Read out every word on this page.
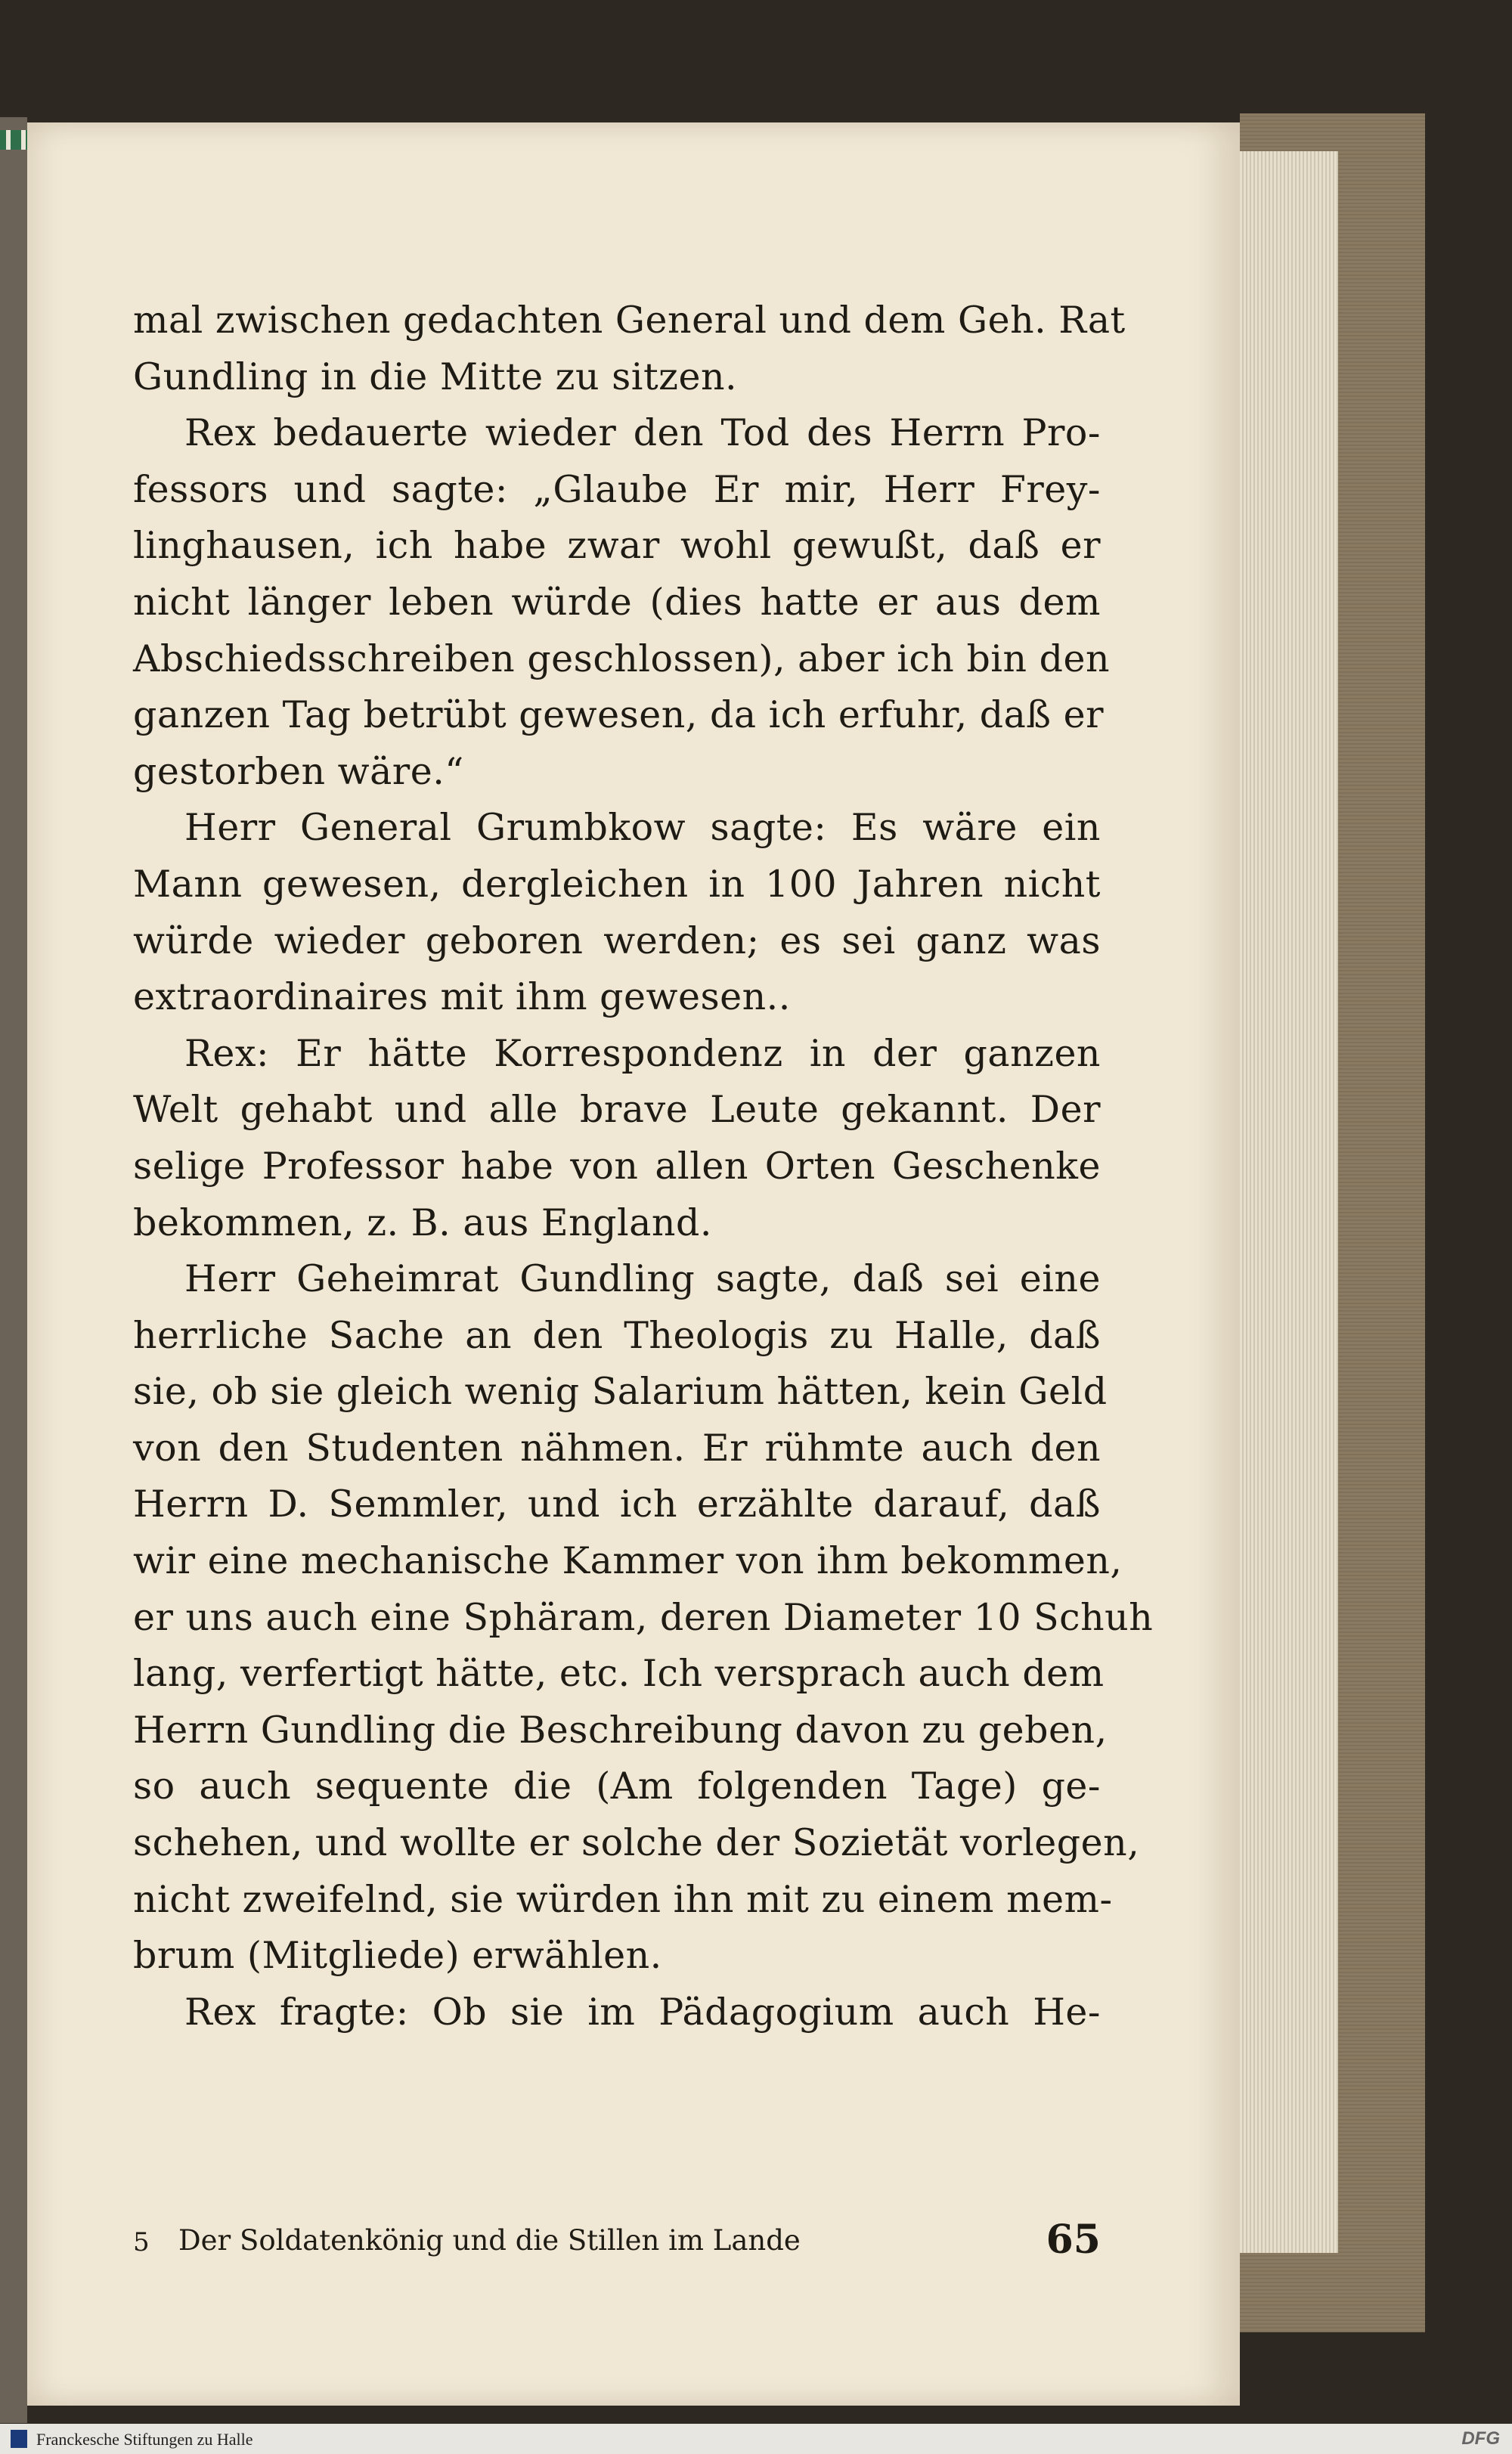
mal zwischen gedachten General und dem Geh. Rat
Gundling in die Mitte zu sitzen.
Rex bedauerte wieder den Tod des Herrn Pro-
fessors und sagte: „Glaube Er mir, Herr Frey-
linghausen, ich habe zwar wohl gewußt, daß er
nicht länger leben würde (dies hatte er aus dem
Abschiedsschreiben geschlossen), aber ich bin den
ganzen Tag betrübt gewesen, da ich erfuhr, daß er
gestorben wäre.“
Herr General Grumbkow sagte: Es wäre ein
Mann gewesen, dergleichen in 100 Jahren nicht
würde wieder geboren werden; es sei ganz was
extraordinaires mit ihm gewesen..
Rex: Er hätte Korrespondenz in der ganzen
Welt gehabt und alle brave Leute gekannt. Der
selige Professor habe von allen Orten Geschenke
bekommen, z. B. aus England.
Herr Geheimrat Gundling sagte, daß sei eine
herrliche Sache an den Theologis zu Halle, daß
sie, ob sie gleich wenig Salarium hätten, kein Geld
von den Studenten nähmen. Er rühmte auch den
Herrn D. Semmler, und ich erzählte darauf, daß
wir eine mechanische Kammer von ihm bekommen,
er uns auch eine Sphäram, deren Diameter 10 Schuh
lang, verfertigt hätte, etc. Ich versprach auch dem
Herrn Gundling die Beschreibung davon zu geben,
so auch sequente die (Am folgenden Tage) ge-
schehen, und wollte er solche der Sozietät vorlegen,
nicht zweifelnd, sie würden ihn mit zu einem mem-
brum (Mitgliede) erwählen.
Rex fragte: Ob sie im Pädagogium auch He-
5 Der Soldatenkönig und die Stillen im Lande	65
Franckesche Stiftungen zu Halle	DFG
